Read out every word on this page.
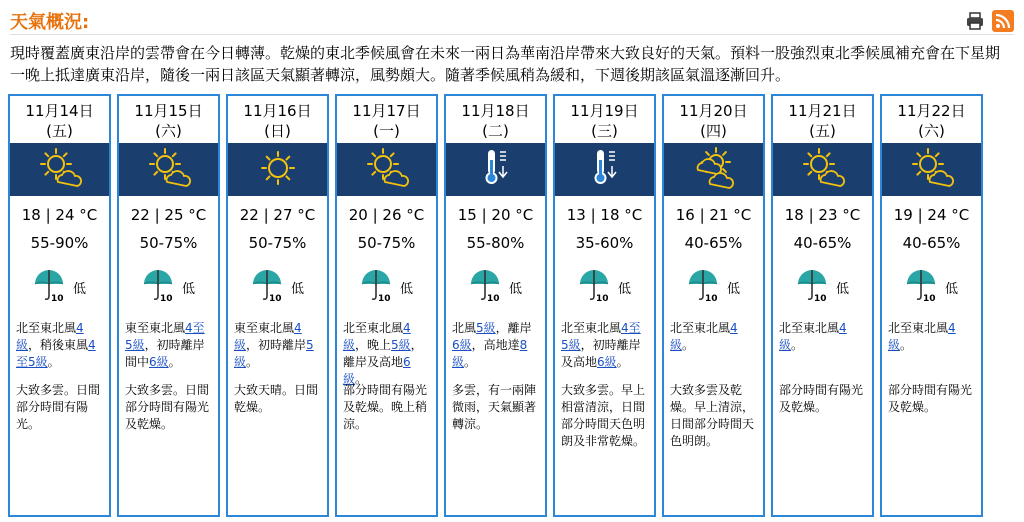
天氣概況:
現時覆蓋廣東沿岸的雲帶會在今日轉薄。乾燥的東北季候風會在未來一兩日為華南沿岸帶來大致良好的天氣。預料一股強烈東北季候風補充會在下星期一晚上抵達廣東沿岸，隨後一兩日該區天氣顯著轉涼，風勢頗大。隨著季候風稍為緩和，下週後期該區氣溫逐漸回升。
11月14日
(五)
18 | 24 °C
55-90%
10
低
北至東北風4級，稍後東風4至5級。
大致多雲。日間部分時間有陽光。
11月15日
(六)
22 | 25 °C
50-75%
10
低
東至東北風4至5級，初時離岸間中6級。
大致多雲。日間部分時間有陽光及乾燥。
11月16日
(日)
22 | 27 °C
50-75%
10
低
東至東北風4級，初時離岸5級。
大致天晴。日間乾燥。
11月17日
(一)
20 | 26 °C
50-75%
10
低
北至東北風4級，晚上5級，離岸及高地6級。
部分時間有陽光及乾燥。晚上稍涼。
11月18日
(二)
15 | 20 °C
55-80%
10
低
北風5級，離岸6級，高地達8級。
多雲，有一兩陣微雨，天氣顯著轉涼。
11月19日
(三)
13 | 18 °C
35-60%
10
低
北至東北風4至5級，初時離岸及高地6級。
大致多雲。早上相當清涼，日間部分時間天色明朗及非常乾燥。
11月20日
(四)
16 | 21 °C
40-65%
10
低
北至東北風4級。
大致多雲及乾燥。早上清涼，日間部分時間天色明朗。
11月21日
(五)
18 | 23 °C
40-65%
10
低
北至東北風4級。
部分時間有陽光及乾燥。
11月22日
(六)
19 | 24 °C
40-65%
10
低
北至東北風4級。
部分時間有陽光及乾燥。
